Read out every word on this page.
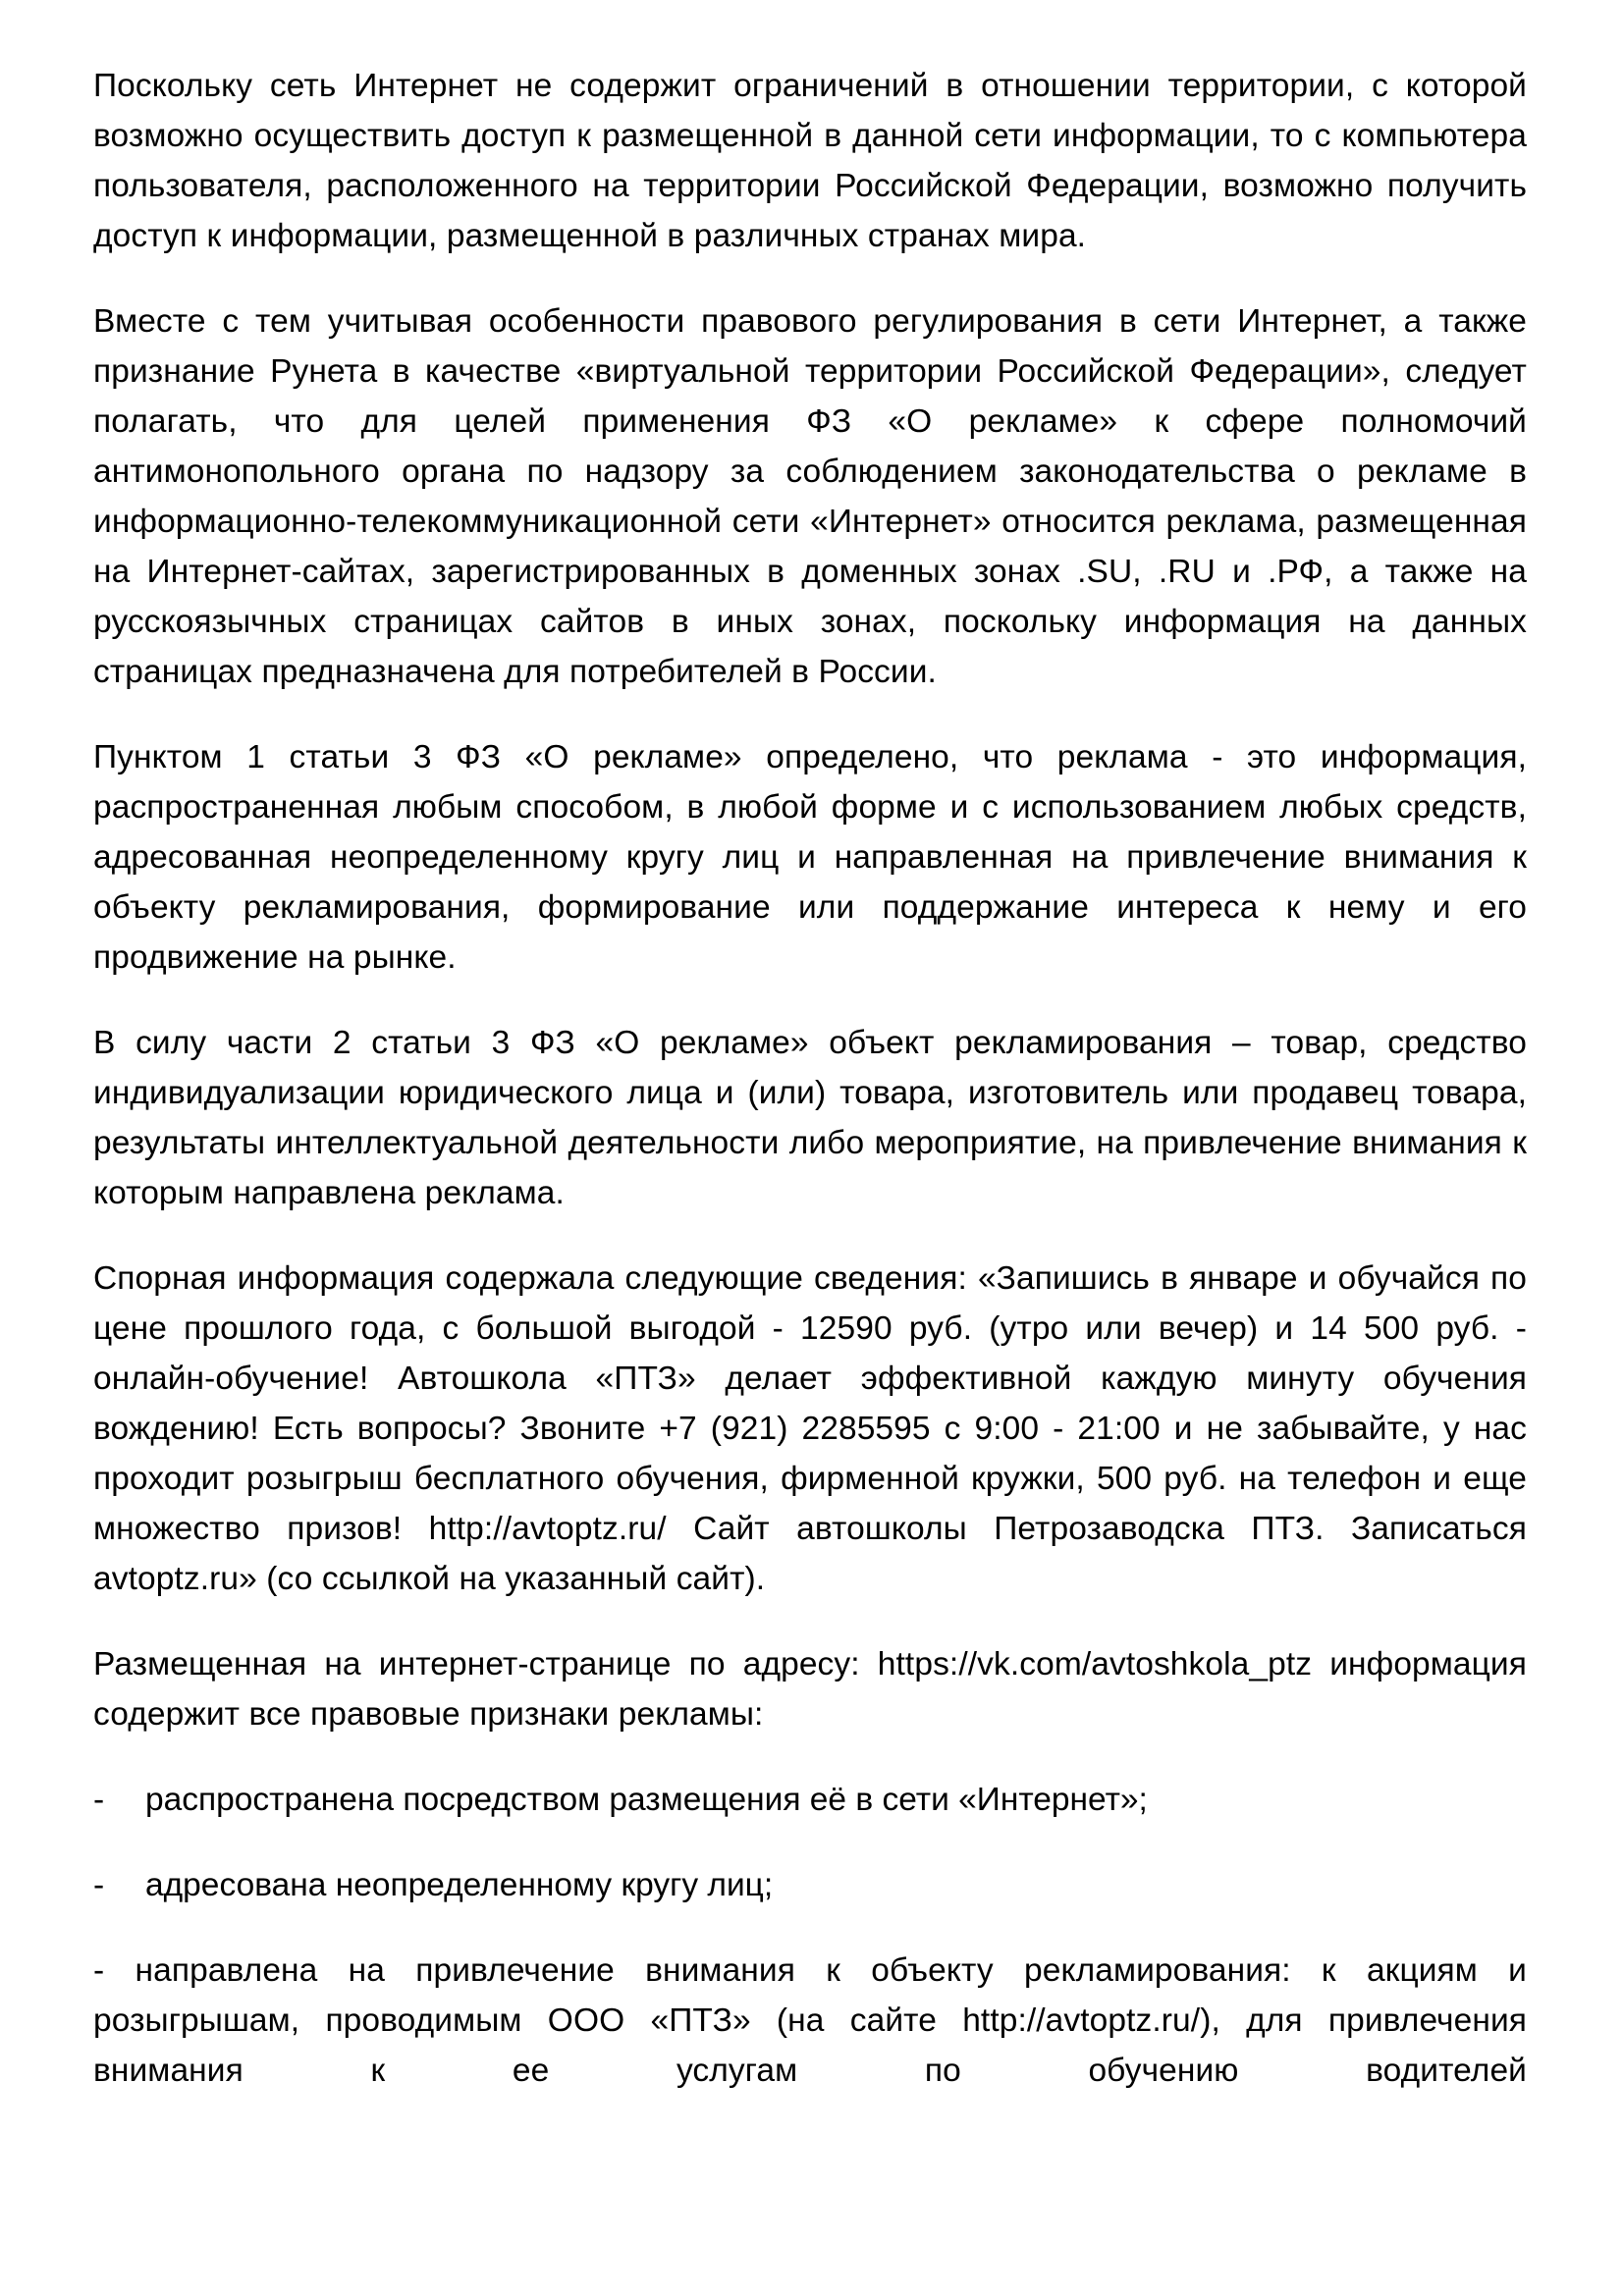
Поскольку сеть Интернет не содержит ограничений в отношении территории, с которой возможно осуществить доступ к размещенной в данной сети информации, то с компьютера пользователя, расположенного на территории Российской Федерации, возможно получить доступ к информации, размещенной в различных странах мира.

Вместе с тем учитывая особенности правового регулирования в сети Интернет, а также признание Рунета в качестве «виртуальной территории Российской Федерации», следует полагать, что для целей применения ФЗ «О рекламе» к сфере полномочий антимонопольного органа по надзору за соблюдением законодательства о рекламе в информационно-телекоммуникационной сети «Интернет» относится реклама, размещенная на Интернет-сайтах, зарегистрированных в доменных зонах .SU, .RU и .РФ, а также на русскоязычных страницах сайтов в иных зонах, поскольку информация на данных страницах предназначена для потребителей в России.

Пунктом 1 статьи 3 ФЗ «О рекламе» определено, что реклама - это информация, распространенная любым способом, в любой форме и с использованием любых средств, адресованная неопределенному кругу лиц и направленная на привлечение внимания к объекту рекламирования, формирование или поддержание интереса к нему и его продвижение на рынке.

В силу части 2 статьи 3 ФЗ «О рекламе» объект рекламирования – товар, средство индивидуализации юридического лица и (или) товара, изготовитель или продавец товара, результаты интеллектуальной деятельности либо мероприятие, на привлечение внимания к которым направлена реклама.

Спорная информация содержала следующие сведения: «Запишись в январе и обучайся по цене прошлого года, с большой выгодой - 12590 руб. (утро или вечер) и 14 500 руб. - онлайн-обучение! Автошкола «ПТЗ» делает эффективной каждую минуту обучения вождению! Есть вопросы? Звоните +7 (921) 2285595 с 9:00 - 21:00 и не забывайте, у нас проходит розыгрыш бесплатного обучения, фирменной кружки, 500 руб. на телефон и еще множество призов! http://avtoptz.ru/ Сайт автошколы Петрозаводска ПТЗ. Записаться avtoptz.ru» (со ссылкой на указанный сайт).

Размещенная на интернет-странице по адресу: https://vk.com/avtoshkola_ptz информация содержит все правовые признаки рекламы:

-	распространена посредством размещения её в сети «Интернет»;
-	адресована неопределенному кругу лиц;

- направлена на привлечение внимания к объекту рекламирования: к акциям и розыгрышам, проводимым ООО «ПТЗ» (на сайте http://avtoptz.ru/), для привлечения внимания к ее услугам по обучению водителей
